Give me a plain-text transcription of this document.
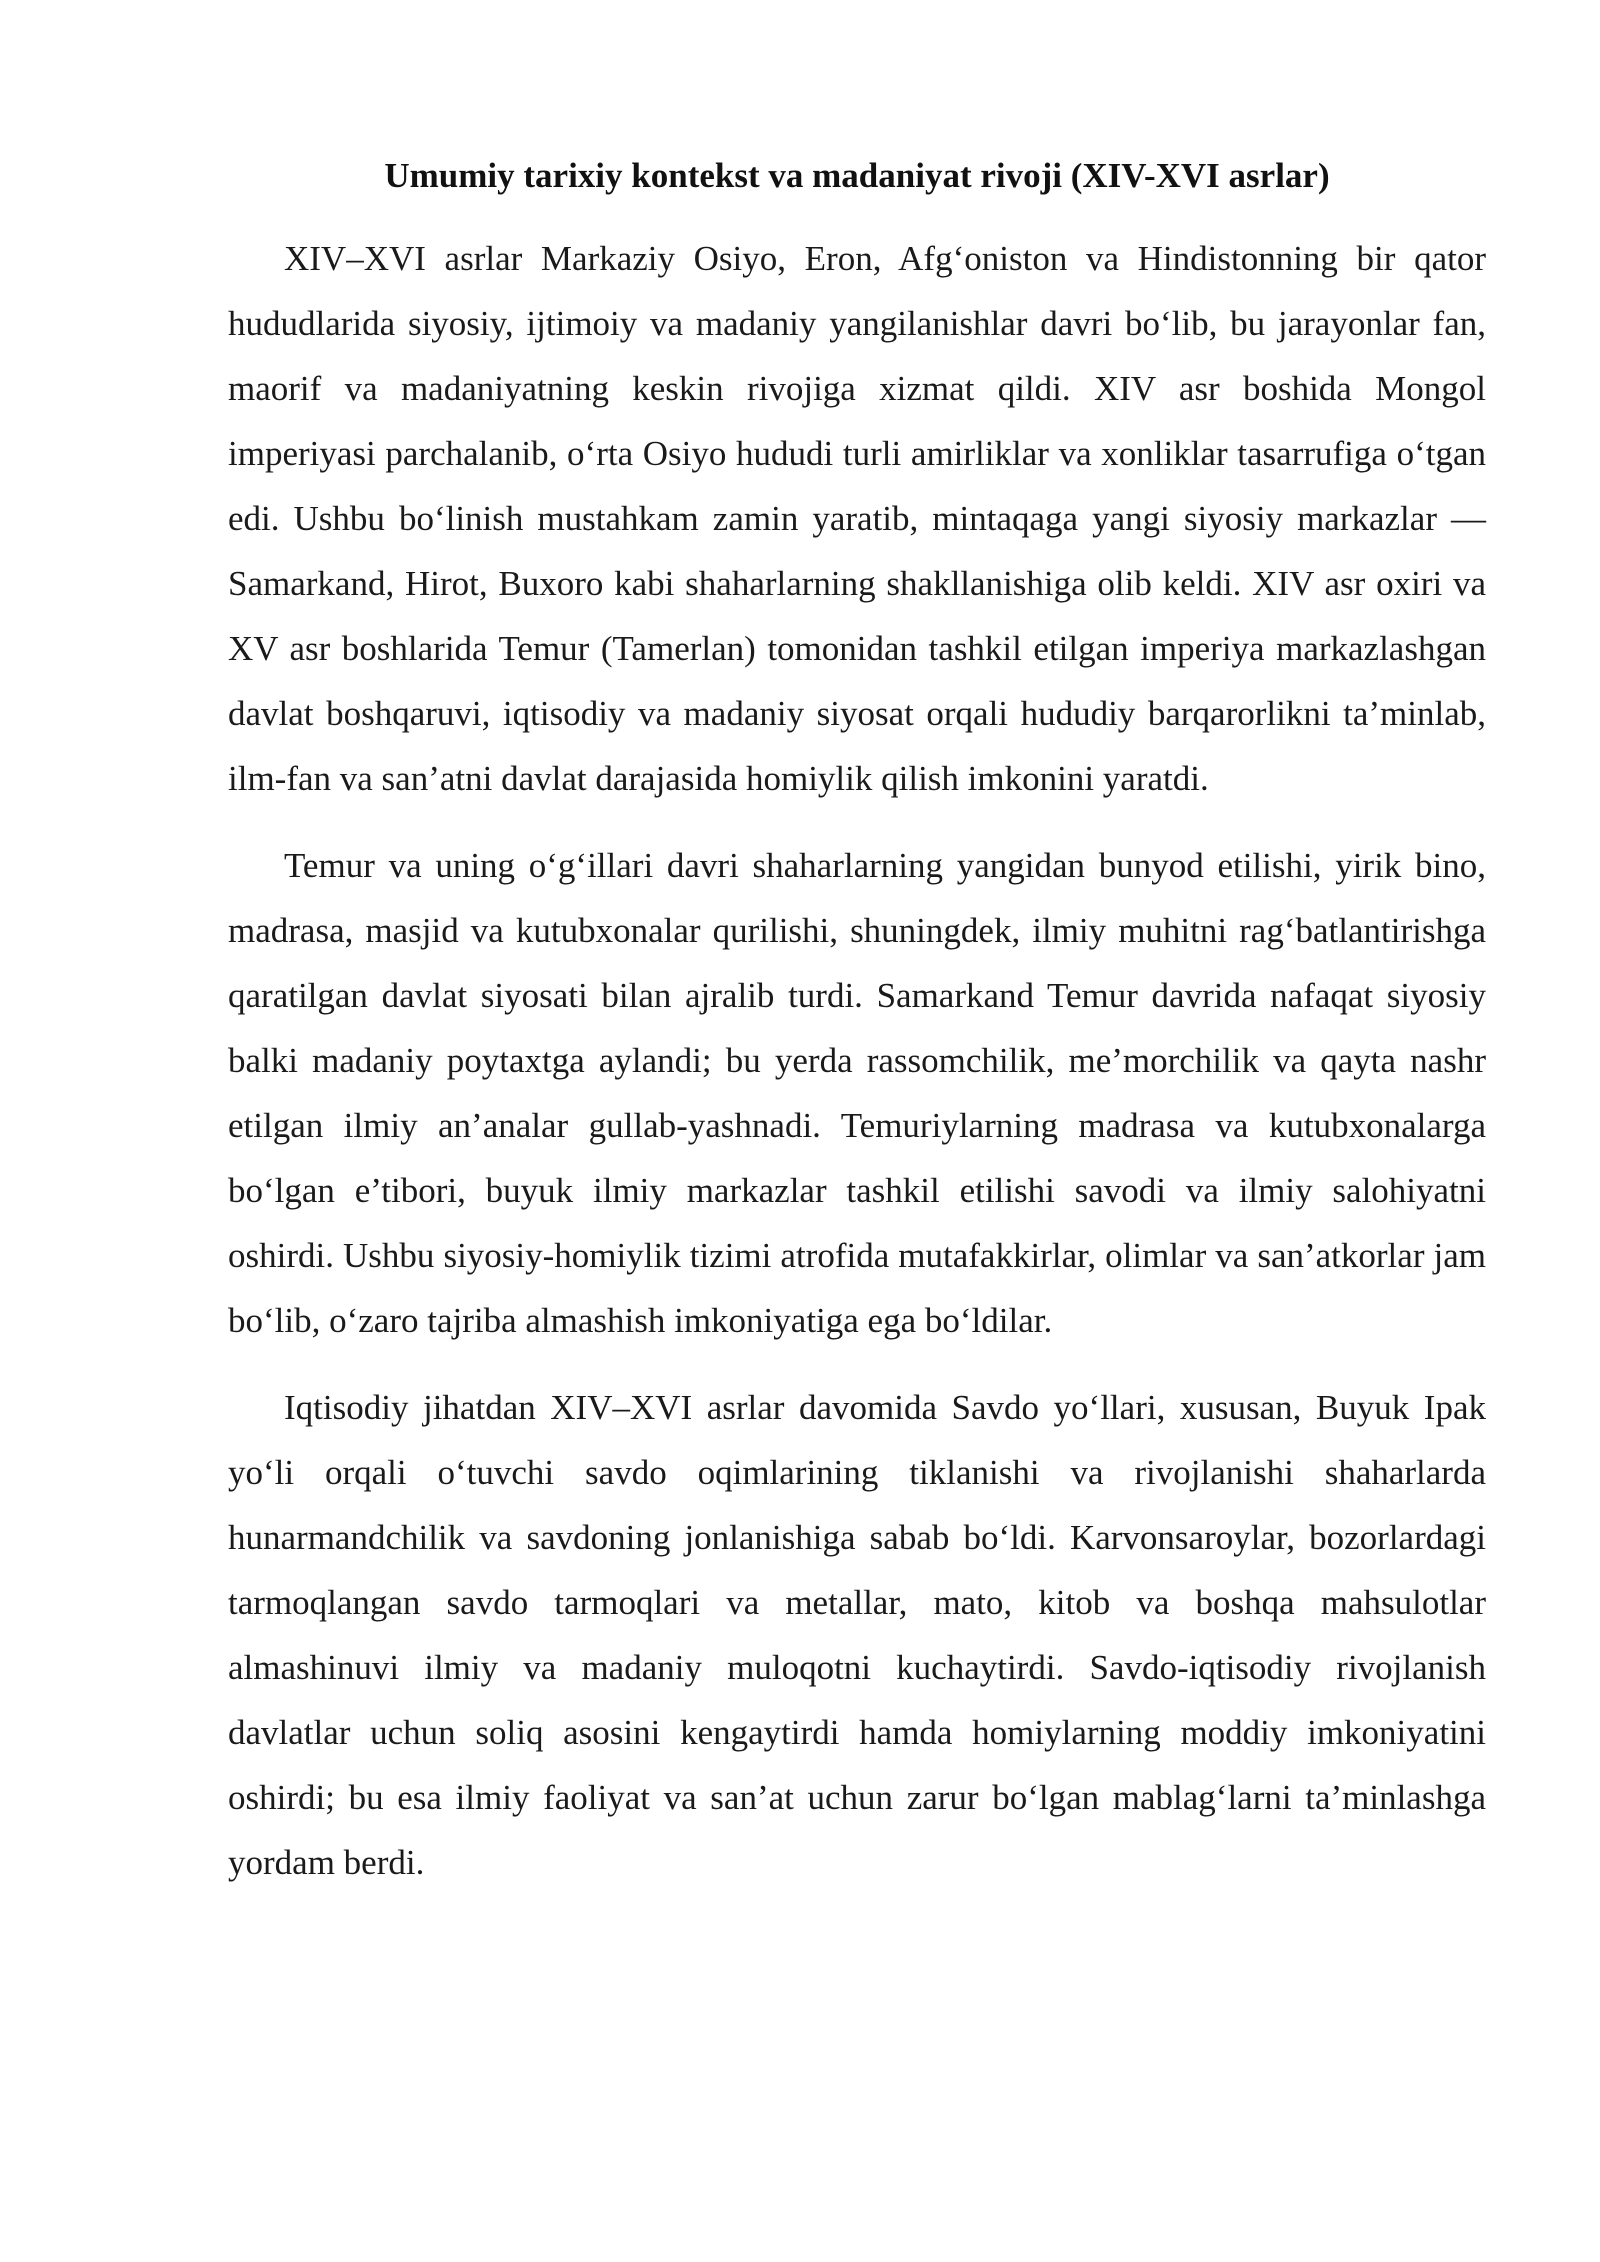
Umumiy tarixiy kontekst va madaniyat rivoji (XIV-XVI asrlar)

XIV–XVI asrlar Markaziy Osiyo, Eron, Afg‘oniston va Hindistonning bir qator hududlarida siyosiy, ijtimoiy va madaniy yangilanishlar davri bo‘lib, bu jarayonlar fan, maorif va madaniyatning keskin rivojiga xizmat qildi. XIV asr boshida Mongol imperiyasi parchalanib, o‘rta Osiyo hududi turli amirliklar va xonliklar tasarrufiga o‘tgan edi. Ushbu bo‘linish mustahkam zamin yaratib, mintaqaga yangi siyosiy markazlar — Samarkand, Hirot, Buxoro kabi shaharlarning shakllanishiga olib keldi. XIV asr oxiri va XV asr boshlarida Temur (Tamerlan) tomonidan tashkil etilgan imperiya markazlashgan davlat boshqaruvi, iqtisodiy va madaniy siyosat orqali hududiy barqarorlikni ta’minlab, ilm-fan va san’atni davlat darajasida homiylik qilish imkonini yaratdi.

Temur va uning o‘g‘illari davri shaharlarning yangidan bunyod etilishi, yirik bino, madrasa, masjid va kutubxonalar qurilishi, shuningdek, ilmiy muhitni rag‘batlantirishga qaratilgan davlat siyosati bilan ajralib turdi. Samarkand Temur davrida nafaqat siyosiy balki madaniy poytaxtga aylandi; bu yerda rassomchilik, me’morchilik va qayta nashr etilgan ilmiy an’analar gullab-yashnadi. Temuriylarning madrasa va kutubxonalarga bo‘lgan e’tibori, buyuk ilmiy markazlar tashkil etilishi savodi va ilmiy salohiyatni oshirdi. Ushbu siyosiy-homiylik tizimi atrofida mutafakkirlar, olimlar va san’atkorlar jam bo‘lib, o‘zaro tajriba almashish imkoniyatiga ega bo‘ldilar.

Iqtisodiy jihatdan XIV–XVI asrlar davomida Savdo yo‘llari, xususan, Buyuk Ipak yo‘li orqali o‘tuvchi savdo oqimlarining tiklanishi va rivojlanishi shaharlarda hunarmandchilik va savdoning jonlanishiga sabab bo‘ldi. Karvonsaroylar, bozorlardagi tarmoqlangan savdo tarmoqlari va metallar, mato, kitob va boshqa mahsulotlar almashinuvi ilmiy va madaniy muloqotni kuchaytirdi. Savdo-iqtisodiy rivojlanish davlatlar uchun soliq asosini kengaytirdi hamda homiylarning moddiy imkoniyatini oshirdi; bu esa ilmiy faoliyat va san’at uchun zarur bo‘lgan mablag‘larni ta’minlashga yordam berdi.
